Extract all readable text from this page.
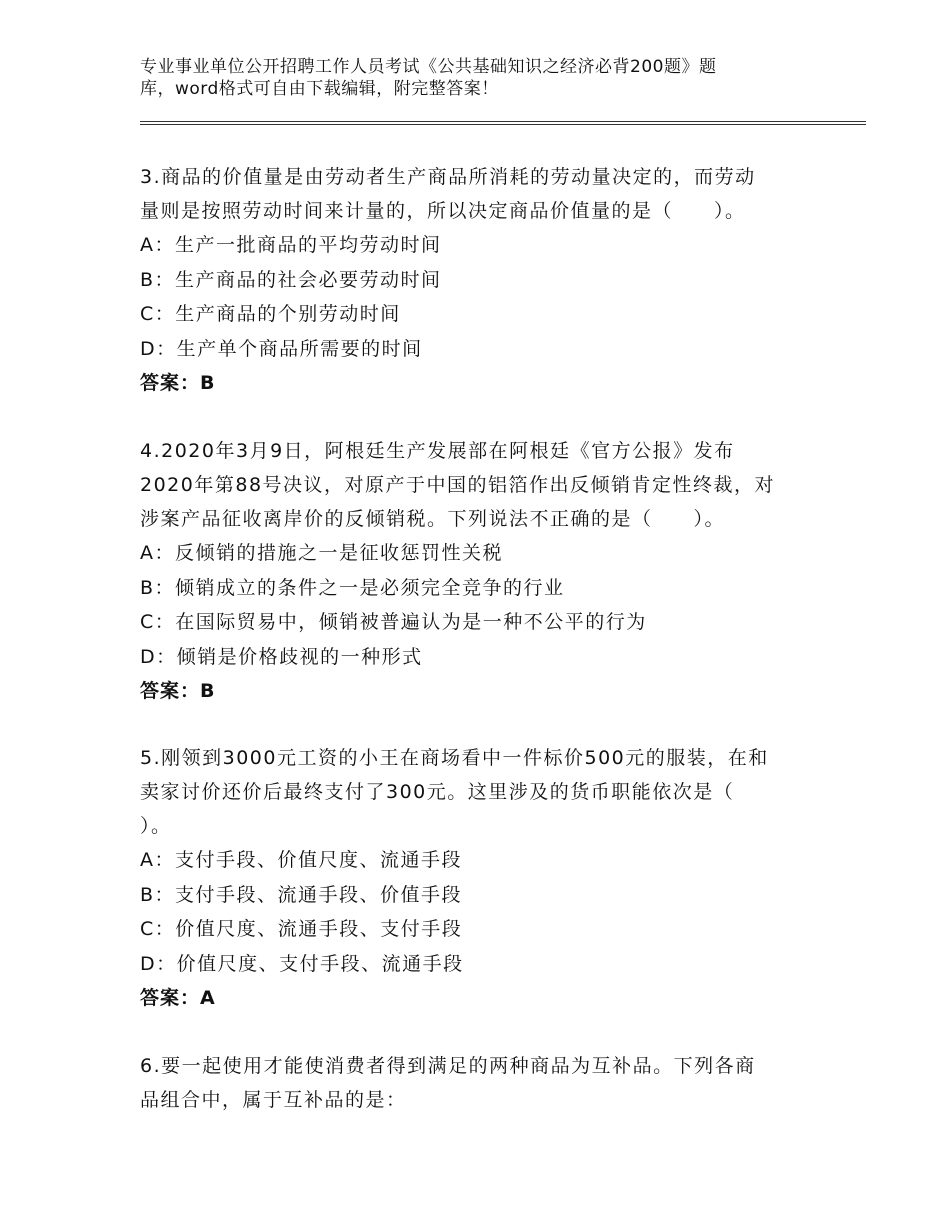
专业事业单位公开招聘工作人员考试《公共基础知识之经济必背200题》题
库，word格式可自由下载编辑，附完整答案！
3.商品的价值量是由劳动者生产商品所消耗的劳动量决定的，而劳动
量则是按照劳动时间来计量的，所以决定商品价值量的是（　　）。
A：生产一批商品的平均劳动时间
B：生产商品的社会必要劳动时间
C：生产商品的个别劳动时间
D：生产单个商品所需要的时间
答案：B
4.2020年3月9日，阿根廷生产发展部在阿根廷《官方公报》发布
2020年第88号决议，对原产于中国的铝箔作出反倾销肯定性终裁，对
涉案产品征收离岸价的反倾销税。下列说法不正确的是（　　）。
A：反倾销的措施之一是征收惩罚性关税
B：倾销成立的条件之一是必须完全竞争的行业
C：在国际贸易中，倾销被普遍认为是一种不公平的行为
D：倾销是价格歧视的一种形式
答案：B
5.刚领到3000元工资的小王在商场看中一件标价500元的服装，在和
卖家讨价还价后最终支付了300元。这里涉及的货币职能依次是（
）。
A：支付手段、价值尺度、流通手段
B：支付手段、流通手段、价值手段
C：价值尺度、流通手段、支付手段
D：价值尺度、支付手段、流通手段
答案：A
6.要一起使用才能使消费者得到满足的两种商品为互补品。下列各商
品组合中，属于互补品的是：
